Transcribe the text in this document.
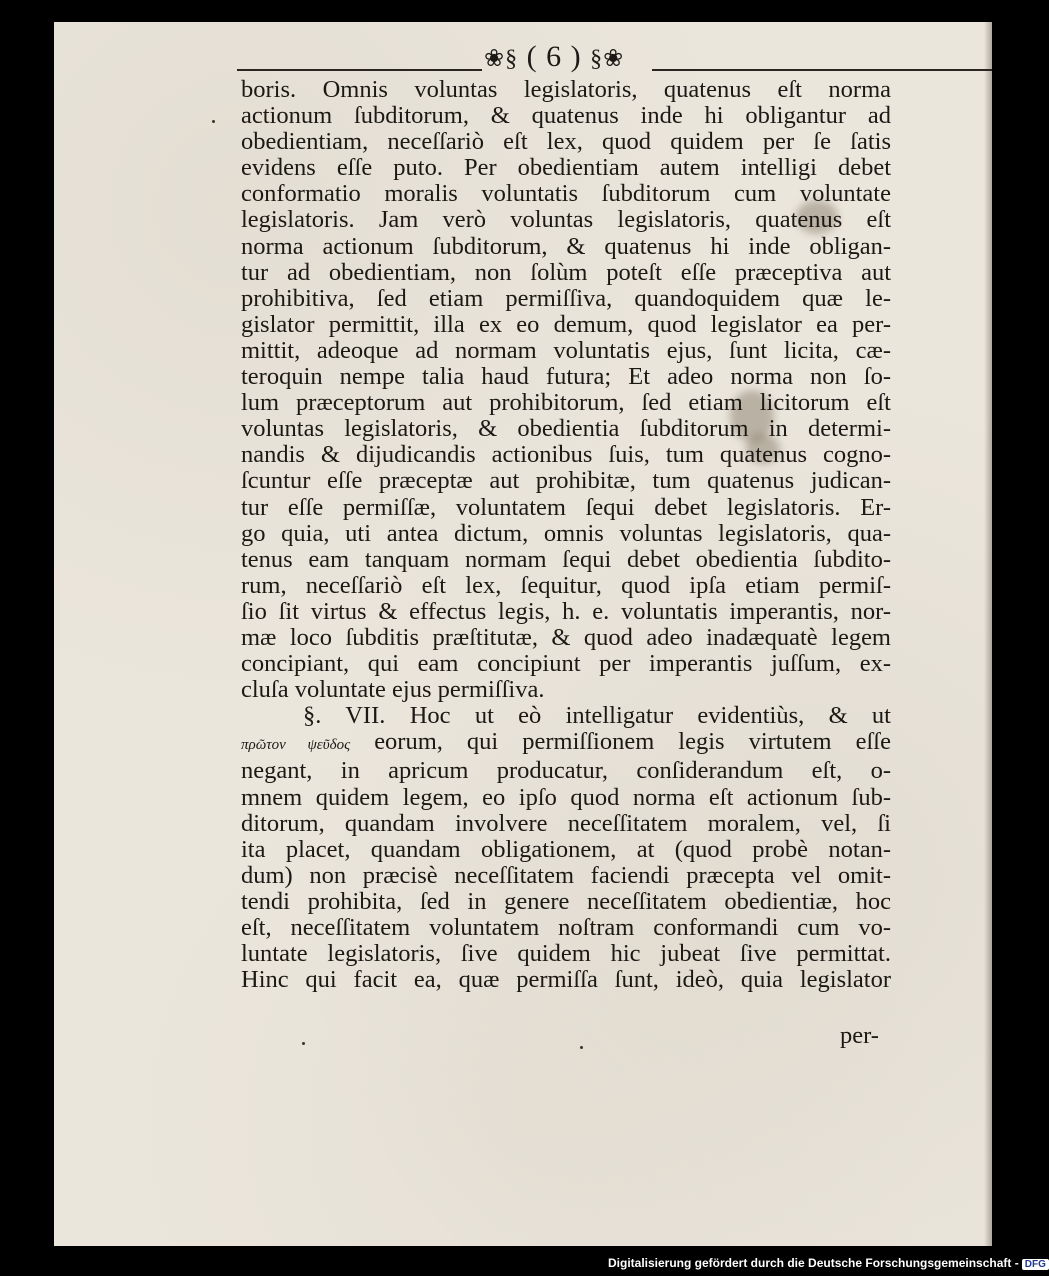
❀§ ( 6 ) §❀
boris. Omnis voluntas legislatoris, quatenus eſt norma
actionum ſubditorum, & quatenus inde hi obligantur ad
obedientiam, neceſſariò eſt lex, quod quidem per ſe ſatis
evidens eſſe puto. Per obedientiam autem intelligi debet
conformatio moralis voluntatis ſubditorum cum voluntate
legislatoris. Jam verò voluntas legislatoris, quatenus eſt
norma actionum ſubditorum, & quatenus hi inde obligan-
tur ad obedientiam, non ſolùm poteſt eſſe præceptiva aut
prohibitiva, ſed etiam permiſſiva, quandoquidem quæ le-
gislator permittit, illa ex eo demum, quod legislator ea per-
mittit, adeoque ad normam voluntatis ejus, ſunt licita, cæ-
teroquin nempe talia haud futura; Et adeo norma non ſo-
lum præceptorum aut prohibitorum, ſed etiam licitorum eſt
voluntas legislatoris, & obedientia ſubditorum in determi-
nandis & dijudicandis actionibus ſuis, tum quatenus cogno-
ſcuntur eſſe præceptæ aut prohibitæ, tum quatenus judican-
tur eſſe permiſſæ, voluntatem ſequi debet legislatoris. Er-
go quia, uti antea dictum, omnis voluntas legislatoris, qua-
tenus eam tanquam normam ſequi debet obedientia ſubdito-
rum, neceſſariò eſt lex, ſequitur, quod ipſa etiam permiſ-
ſio ſit virtus & effectus legis, h. e. voluntatis imperantis, nor-
mæ loco ſubditis præſtitutæ, & quod adeo inadæquatè legem
concipiant, qui eam concipiunt per imperantis juſſum, ex-
cluſa voluntate ejus permiſſiva.
§. VII. Hoc ut eò intelligatur evidentiùs, & ut
πρῶτον ψεῦδος eorum, qui permiſſionem legis virtutem eſſe
negant, in apricum producatur, conſiderandum eſt, o-
mnem quidem legem, eo ipſo quod norma eſt actionum ſub-
ditorum, quandam involvere neceſſitatem moralem, vel, ſi
ita placet, quandam obligationem, at (quod probè notan-
dum) non præcisè neceſſitatem faciendi præcepta vel omit-
tendi prohibita, ſed in genere neceſſitatem obedientiæ, hoc
eſt, neceſſitatem voluntatem noſtram conformandi cum vo-
luntate legislatoris, ſive quidem hic jubeat ſive permittat.
Hinc qui facit ea, quæ permiſſa ſunt, ideò, quia legislator
per-
Digitalisierung gefördert durch die Deutsche Forschungsgemeinschaft - DFG
